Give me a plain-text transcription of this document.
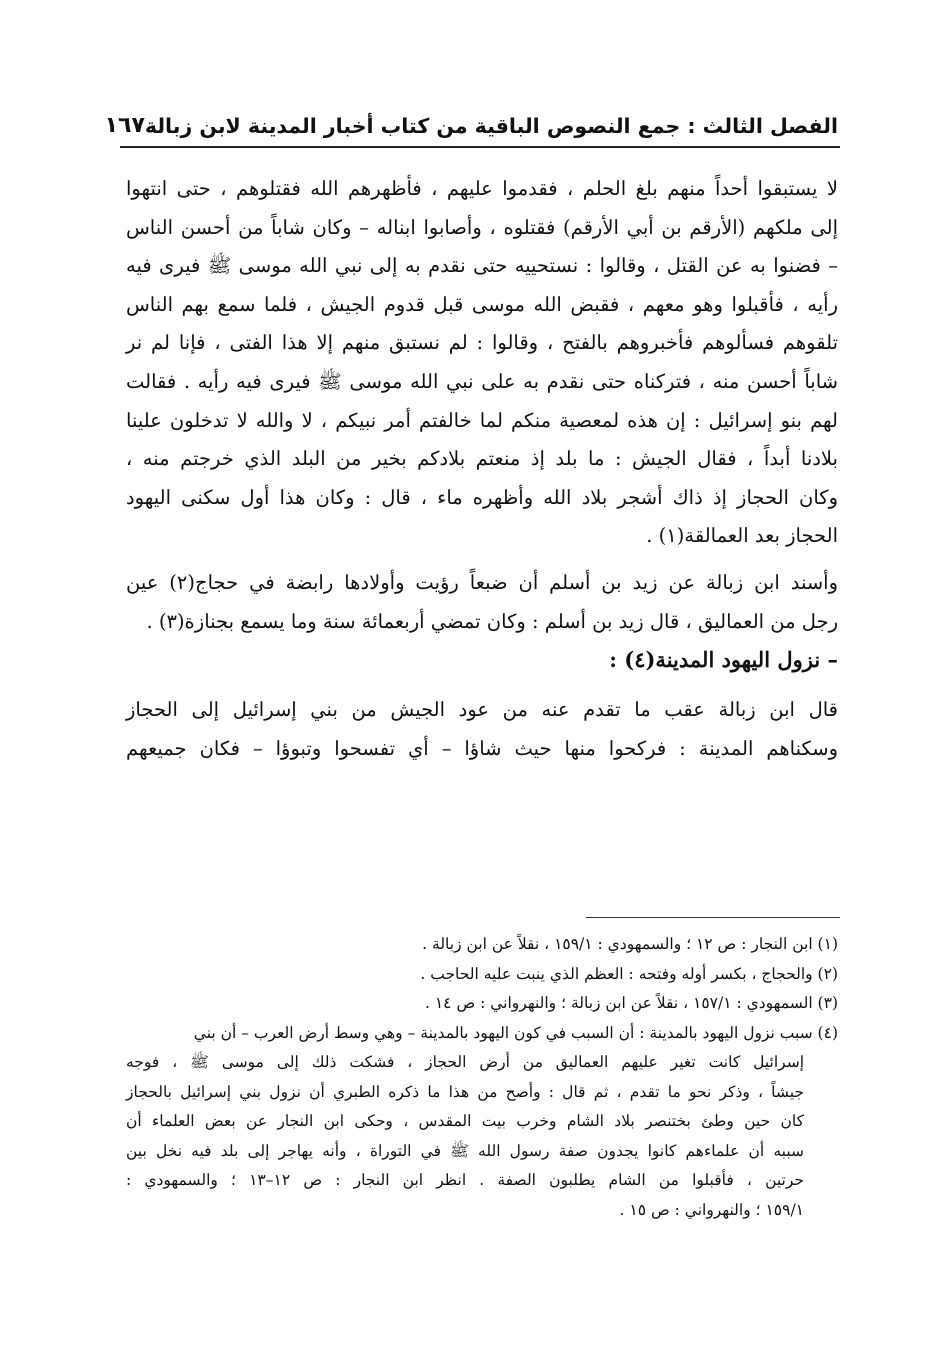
الفصل الثالث : جمع النصوص الباقية من كتاب أخبار المدينة لابن زبالة
١٦٧
لا يستبقوا أحداً منهم بلغ الحلم ، فقدموا عليهم ، فأظهرهم الله فقتلوهم ، حتى انتهوا
إلى ملكهم (الأرقم بن أبي الأرقم) فقتلوه ، وأصابوا ابناله – وكان شاباً من أحسن الناس
– فضنوا به عن القتل ، وقالوا : نستحييه حتى نقدم به إلى نبي الله موسى ﷺ فيرى فيه
رأيه ، فأقبلوا وهو معهم ، فقبض الله موسى قبل قدوم الجيش ، فلما سمع بهم الناس
تلقوهم فسألوهم فأخبروهم بالفتح ، وقالوا : لم نستبق منهم إلا هذا الفتى ، فإنا لم نر
شاباً أحسن منه ، فتركناه حتى نقدم به على نبي الله موسى ﷺ فيرى فيه رأيه . فقالت
لهم بنو إسرائيل : إن هذه لمعصية منكم لما خالفتم أمر نبيكم ، لا والله لا تدخلون علينا
بلادنا أبداً ، فقال الجيش : ما بلد إذ منعتم بلادكم بخير من البلد الذي خرجتم منه ،
وكان الحجاز إذ ذاك أشجر بلاد الله وأظهره ماء ، قال : وكان هذا أول سكنى اليهود
الحجاز بعد العمالقة(١) .
وأسند ابن زبالة عن زيد بن أسلم أن ضبعاً رؤيت وأولادها رابضة في حجاج(٢) عين
رجل من العماليق ، قال زيد بن أسلم : وكان تمضي أربعمائة سنة وما يسمع بجنازة(٣) .
– نزول اليهود المدينة(٤) :
قال ابن زبالة عقب ما تقدم عنه من عود الجيش من بني إسرائيل إلى الحجاز
وسكناهم المدينة : فركحوا منها حيث شاؤا – أي تفسحوا وتبوؤا – فكان جميعهم
(١) ابن النجار : ص ١٢ ؛ والسمهودي : ١٥٩/١ ، نقلاً عن ابن زبالة .
(٢) والحجاج ، بكسر أوله وفتحه : العظم الذي ينبت عليه الحاجب .
(٣) السمهودي : ١٥٧/١ ، نقلاً عن ابن زبالة ؛ والنهرواني : ص ١٤ .
(٤) سبب نزول اليهود بالمدينة : أن السبب في كون اليهود بالمدينة – وهي وسط أرض العرب – أن بني
إسرائيل كانت تغير عليهم العماليق من أرض الحجاز ، فشكت ذلك إلى موسى ﷺ ، فوجه
جيشاً ، وذكر نحو ما تقدم ، ثم قال : وأصح من هذا ما ذكره الطبري أن نزول بني إسرائيل بالحجاز
كان حين وطئ بختنصر بلاد الشام وخرب بيت المقدس ، وحكى ابن النجار عن بعض العلماء أن
سببه أن علماءهم كانوا يجدون صفة رسول الله ﷺ في التوراة ، وأنه يهاجر إلى بلد فيه نخل بين
حرتين ، فأقبلوا من الشام يطلبون الصفة . انظر ابن النجار : ص ١٢–١٣ ؛ والسمهودي :
١٥٩/١ ؛ والنهرواني : ص ١٥ .
